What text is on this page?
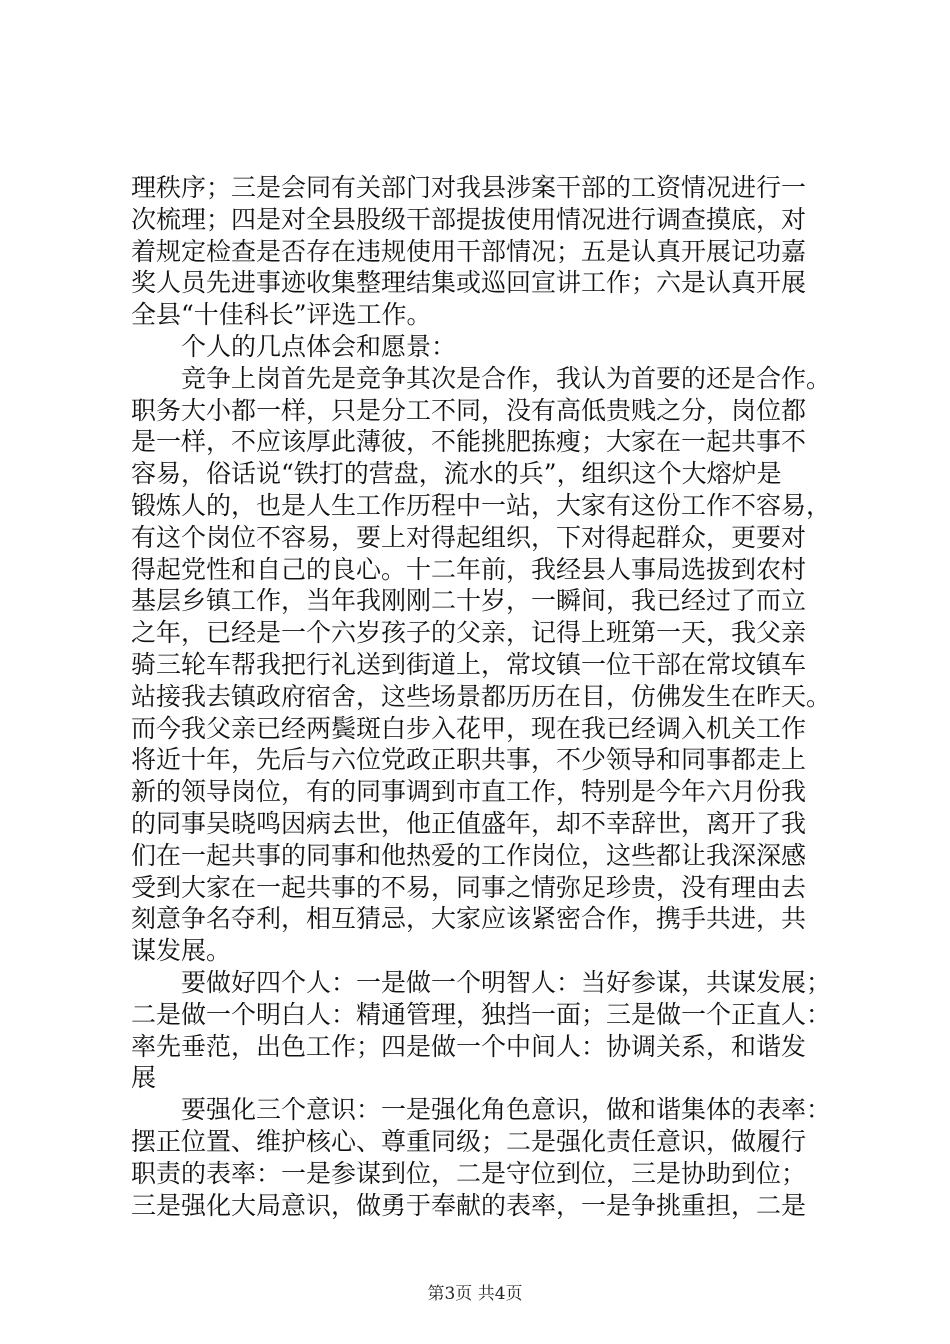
理秩序；三是会同有关部门对我县涉案干部的工资情况进行一
次梳理；四是对全县股级干部提拔使用情况进行调查摸底，对
着规定检查是否存在违规使用干部情况；五是认真开展记功嘉
奖人员先进事迹收集整理结集或巡回宣讲工作；六是认真开展
全县“十佳科长”评选工作。
个人的几点体会和愿景：
竞争上岗首先是竞争其次是合作，我认为首要的还是合作。
职务大小都一样，只是分工不同，没有高低贵贱之分，岗位都
是一样，不应该厚此薄彼，不能挑肥拣瘦；大家在一起共事不
容易，俗话说“铁打的营盘，流水的兵”，组织这个大熔炉是
锻炼人的，也是人生工作历程中一站，大家有这份工作不容易，
有这个岗位不容易，要上对得起组织，下对得起群众，更要对
得起党性和自己的良心。十二年前，我经县人事局选拔到农村
基层乡镇工作，当年我刚刚二十岁，一瞬间，我已经过了而立
之年，已经是一个六岁孩子的父亲，记得上班第一天，我父亲
骑三轮车帮我把行礼送到街道上，常坟镇一位干部在常坟镇车
站接我去镇政府宿舍，这些场景都历历在目，仿佛发生在昨天。
而今我父亲已经两鬓斑白步入花甲，现在我已经调入机关工作
将近十年，先后与六位党政正职共事，不少领导和同事都走上
新的领导岗位，有的同事调到市直工作，特别是今年六月份我
的同事吴晓鸣因病去世，他正值盛年，却不幸辞世，离开了我
们在一起共事的同事和他热爱的工作岗位，这些都让我深深感
受到大家在一起共事的不易，同事之情弥足珍贵，没有理由去
刻意争名夺利，相互猜忌，大家应该紧密合作，携手共进，共
谋发展。
要做好四个人：一是做一个明智人：当好参谋，共谋发展；
二是做一个明白人：精通管理，独挡一面；三是做一个正直人：
率先垂范，出色工作；四是做一个中间人：协调关系，和谐发
展
要强化三个意识：一是强化角色意识，做和谐集体的表率：
摆正位置、维护核心、尊重同级；二是强化责任意识，做履行
职责的表率：一是参谋到位，二是守位到位，三是协助到位；
三是强化大局意识，做勇于奉献的表率，一是争挑重担，二是
第3页 共4页
